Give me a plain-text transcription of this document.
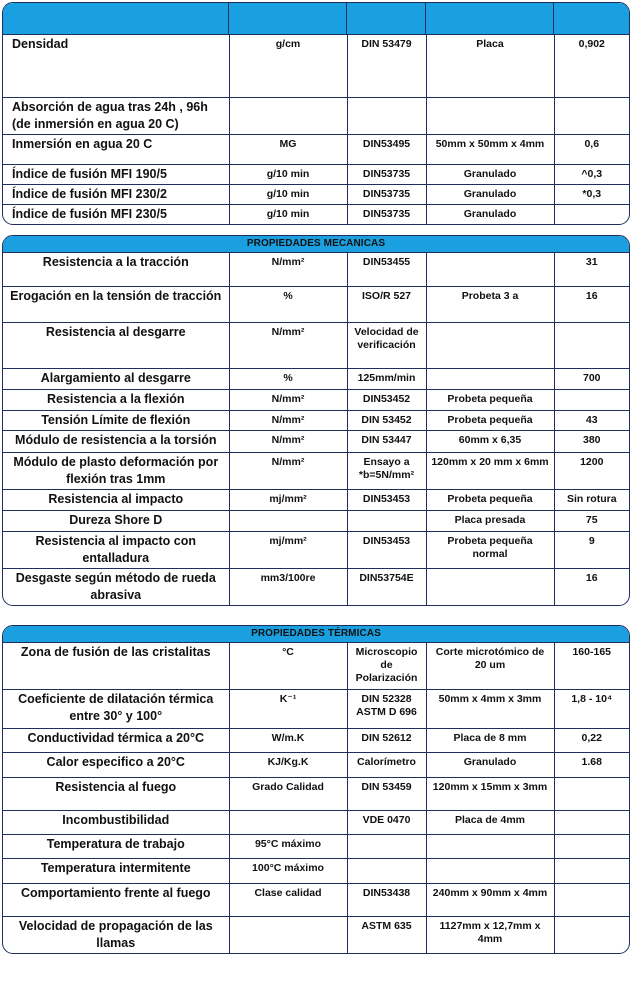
Densidad	g/cm	DIN 53479	Placa	0,902
Absorción de agua tras 24h , 96h (de inmersión en agua 20 C)				
Inmersión en agua 20 C	MG	DIN53495	50mm x 50mm x 4mm	0,6
Índice de fusión MFI 190/5	g/10 min	DIN53735	Granulado	^0,3
Índice de fusión MFI 230/2	g/10 min	DIN53735	Granulado	*0,3
Índice de fusión MFI 230/5	g/10 min	DIN53735	Granulado	
PROPIEDADES MECANICAS
Resistencia a la tracción	N/mm²	DIN53455		31
Erogación en la tensión de tracción	%	ISO/R 527	Probeta 3 a	16
Resistencia al desgarre	N/mm²	Velocidad de verificación		
Alargamiento al desgarre	%	125mm/min		700
Resistencia a la flexión	N/mm²	DIN53452	Probeta pequeña	
Tensión Límite de flexión	N/mm²	DIN 53452	Probeta pequeña	43
Módulo de resistencia a la torsión	N/mm²	DIN 53447	60mm x 6,35	380
Módulo de plasto deformación por flexión tras 1mm	N/mm²	Ensayo a *b=5N/mm²	120mm x 20 mm x 6mm	1200
Resistencia al impacto	mj/mm²	DIN53453	Probeta pequeña	Sin rotura
Dureza Shore D			Placa presada	75
Resistencia al impacto con entalladura	mj/mm²	DIN53453	Probeta pequeña normal	9
Desgaste según método de rueda abrasiva	mm3/100re	DIN53754E		16
PROPIEDADES TÉRMICAS
Zona de fusión de las cristalitas	°C	Microscopio de Polarización	Corte microtómico de 20 um	160-165
Coeficiente de dilatación térmica entre 30° y 100°	K⁻¹	DIN 52328 ASTM D 696	50mm x 4mm x 3mm	1,8 - 10⁴
Conductividad térmica a 20°C	W/m.K	DIN 52612	Placa de 8 mm	0,22
Calor especifico a 20°C	KJ/Kg.K	Calorímetro	Granulado	1.68
Resistencia al fuego	Grado Calidad	DIN 53459	120mm x 15mm x 3mm	
Incombustibilidad		VDE 0470	Placa de 4mm	
Temperatura de trabajo	95°C máximo			
Temperatura intermitente	100°C máximo			
Comportamiento frente al fuego	Clase calidad	DIN53438	240mm x 90mm x 4mm	
Velocidad de propagación de las llamas		ASTM 635	1127mm x 12,7mm x 4mm	
